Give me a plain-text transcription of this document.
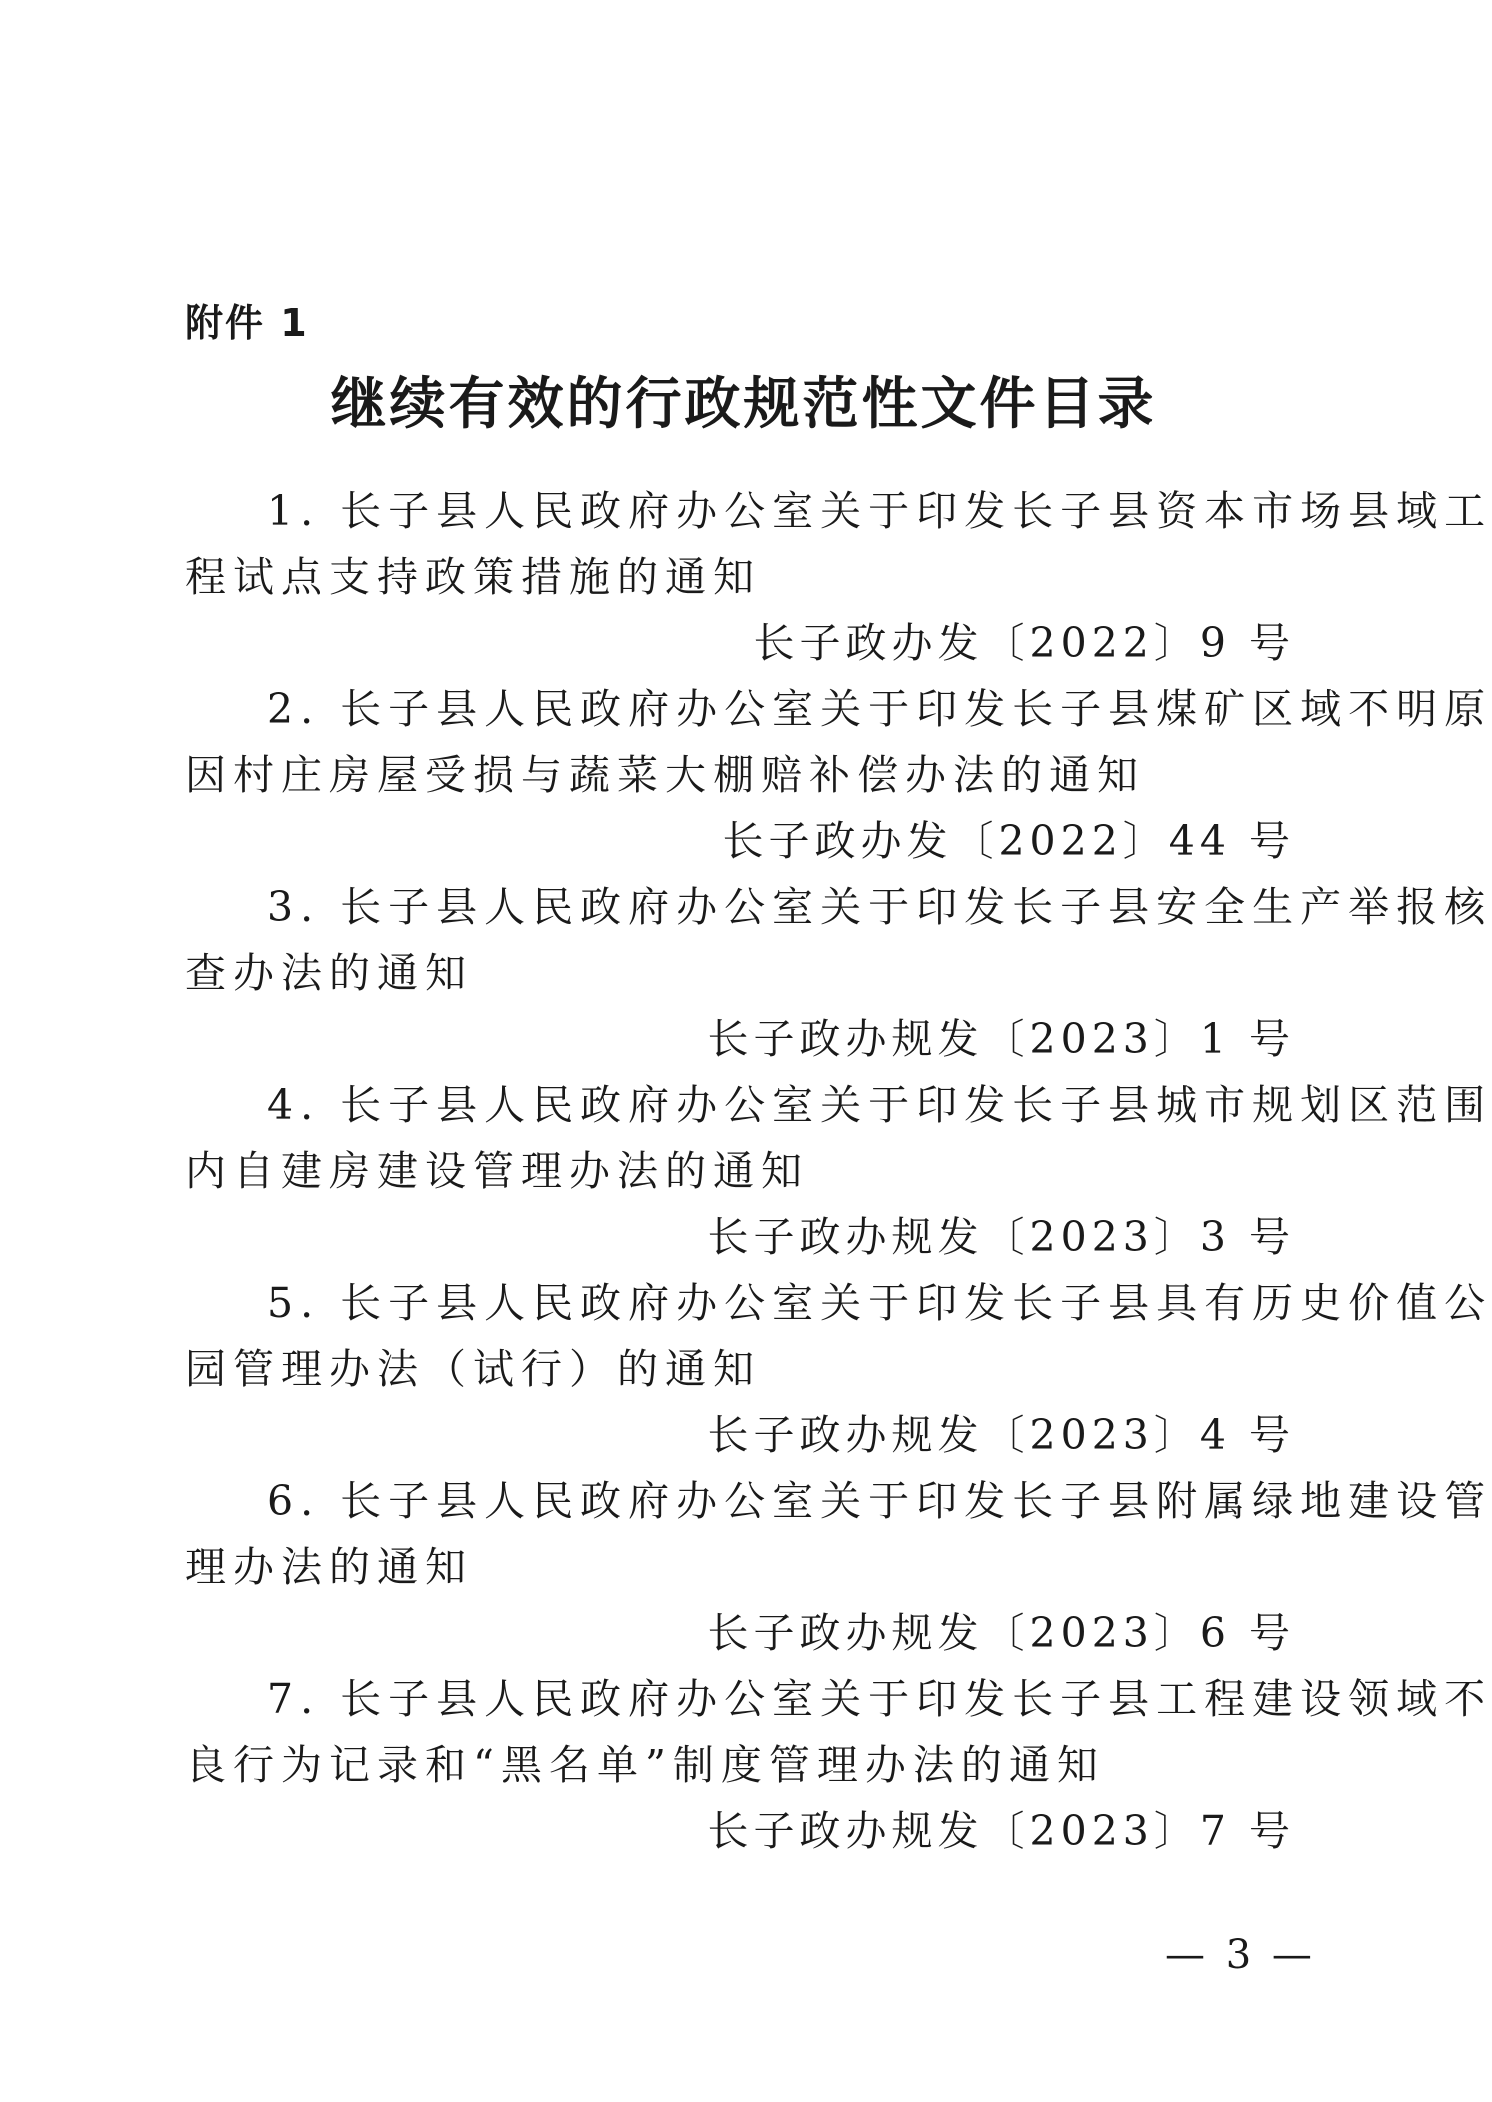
附件 1
继续有效的行政规范性文件目录

1. 长子县人民政府办公室关于印发长子县资本市场县域工

程试点支持政策措施的通知

长子政办发〔2022〕9 号

2. 长子县人民政府办公室关于印发长子县煤矿区域不明原

因村庄房屋受损与蔬菜大棚赔补偿办法的通知

长子政办发〔2022〕44 号

3. 长子县人民政府办公室关于印发长子县安全生产举报核

查办法的通知

长子政办规发〔2023〕1 号

4. 长子县人民政府办公室关于印发长子县城市规划区范围

内自建房建设管理办法的通知

长子政办规发〔2023〕3 号

5. 长子县人民政府办公室关于印发长子县具有历史价值公

园管理办法（试行）的通知

长子政办规发〔2023〕4 号

6. 长子县人民政府办公室关于印发长子县附属绿地建设管

理办法的通知

长子政办规发〔2023〕6 号

7. 长子县人民政府办公室关于印发长子县工程建设领域不

良行为记录和“黑名单”制度管理办法的通知

长子政办规发〔2023〕7 号

— 3 —
